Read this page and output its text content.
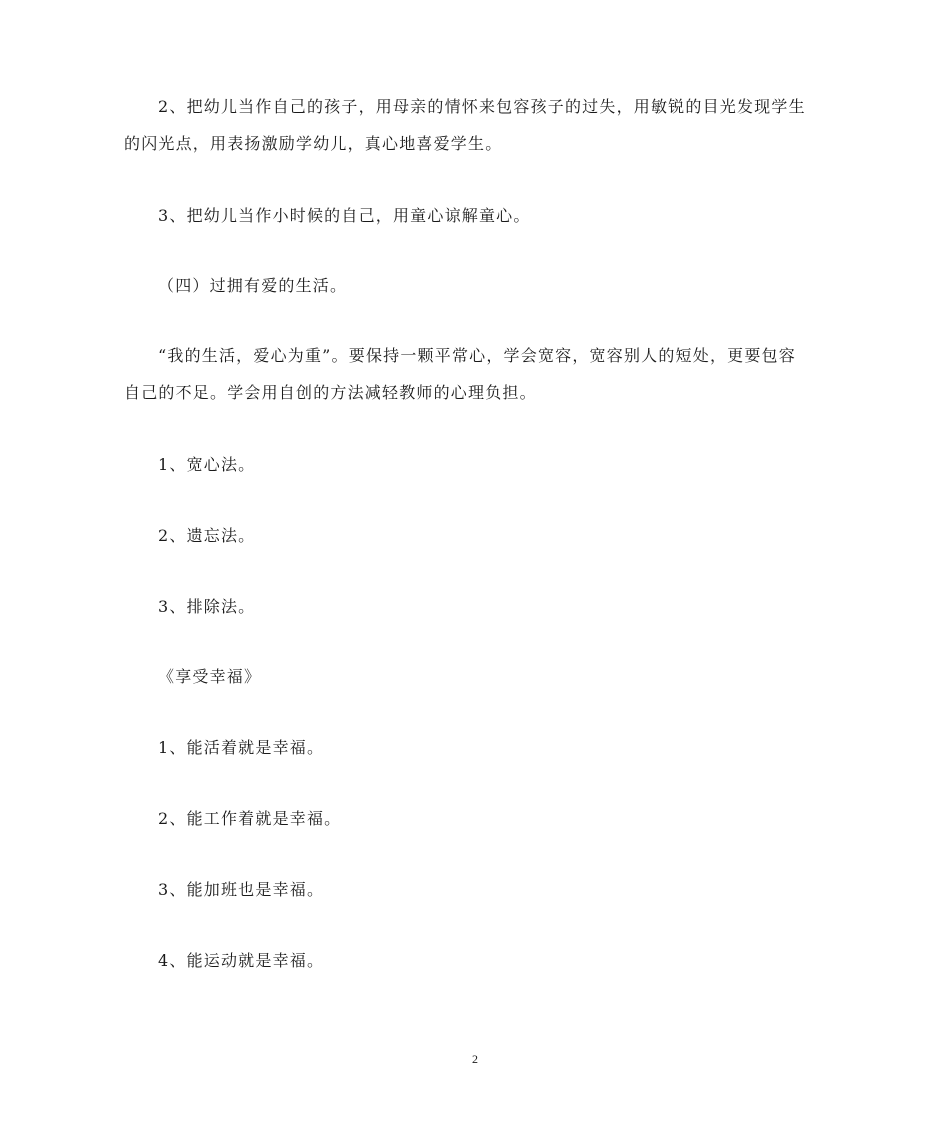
2、把幼儿当作自己的孩子，用母亲的情怀来包容孩子的过失，用敏锐的目光发现学生
的闪光点，用表扬激励学幼儿，真心地喜爱学生。
3、把幼儿当作小时候的自己，用童心谅解童心。
（四）过拥有爱的生活。
“我的生活，爱心为重”。要保持一颗平常心，学会宽容，宽容别人的短处，更要包容
自己的不足。学会用自创的方法减轻教师的心理负担。
1、宽心法。
2、遗忘法。
3、排除法。
《享受幸福》
1、能活着就是幸福。
2、能工作着就是幸福。
3、能加班也是幸福。
4、能运动就是幸福。
2
